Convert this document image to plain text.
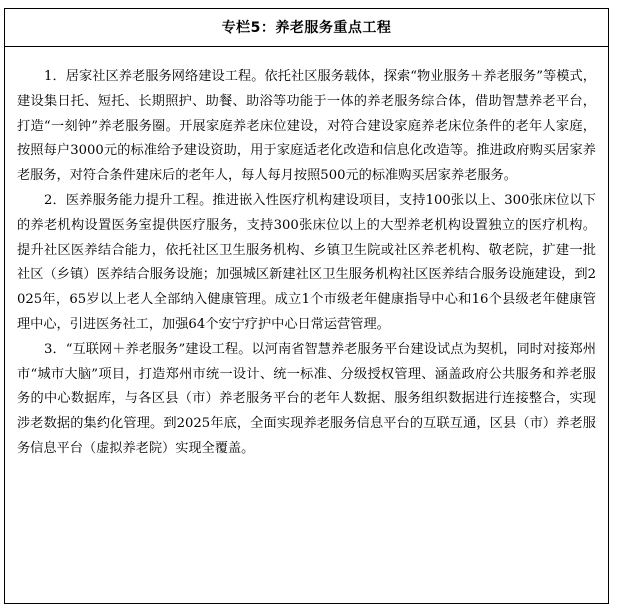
专栏5：养老服务重点工程

1．居家社区养老服务网络建设工程。依托社区服务载体，探索“物业服务＋养老服务”等模式，建设集日托、短托、长期照护、助餐、助浴等功能于一体的养老服务综合体，借助智慧养老平台，打造“一刻钟”养老服务圈。开展家庭养老床位建设，对符合建设家庭养老床位条件的老年人家庭，按照每户3000元的标准给予建设资助，用于家庭适老化改造和信息化改造等。推进政府购买居家养老服务，对符合条件建床后的老年人，每人每月按照500元的标准购买居家养老服务。

2．医养服务能力提升工程。推进嵌入性医疗机构建设项目，支持100张以上、300张床位以下的养老机构设置医务室提供医疗服务，支持300张床位以上的大型养老机构设置独立的医疗机构。提升社区医养结合能力，依托社区卫生服务机构、乡镇卫生院或社区养老机构、敬老院，扩建一批社区（乡镇）医养结合服务设施；加强城区新建社区卫生服务机构社区医养结合服务设施建设，到2025年，65岁以上老人全部纳入健康管理。成立1个市级老年健康指导中心和16个县级老年健康管理中心，引进医务社工，加强64个安宁疗护中心日常运营管理。

3．“互联网＋养老服务”建设工程。以河南省智慧养老服务平台建设试点为契机，同时对接郑州市“城市大脑”项目，打造郑州市统一设计、统一标准、分级授权管理、涵盖政府公共服务和养老服务的中心数据库，与各区县（市）养老服务平台的老年人数据、服务组织数据进行连接整合，实现涉老数据的集约化管理。到2025年底，全面实现养老服务信息平台的互联互通，区县（市）养老服务信息平台（虚拟养老院）实现全覆盖。
